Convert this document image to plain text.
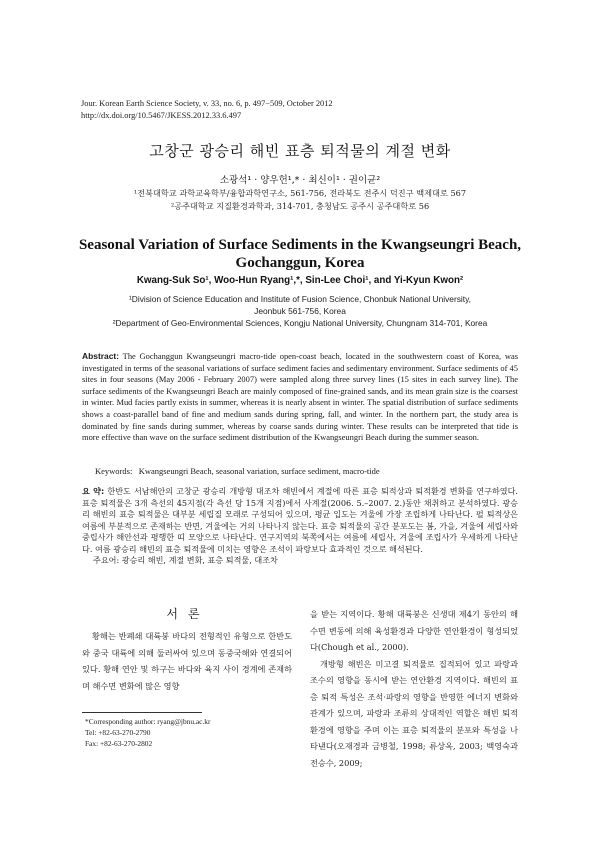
Jour. Korean Earth Science Society, v. 33, no. 6, p. 497−509, October 2012
http://dx.doi.org/10.5467/JKESS.2012.33.6.497
고창군 광승리 해빈 표층 퇴적물의 계절 변화
소광석¹ · 양우헌¹,* · 최신이¹ · 권이균²
¹전북대학교 과학교육학부/융합과학연구소, 561-756, 전라북도 전주시 덕진구 백제대로 567
²공주대학교 지질환경과학과, 314-701, 충청남도 공주시 공주대학로 56
Seasonal Variation of Surface Sediments in the Kwangseungri Beach,
Gochanggun, Korea
Kwang-Suk So¹, Woo-Hun Ryang¹,*, Sin-Lee Choi¹, and Yi-Kyun Kwon²
¹Division of Science Education and Institute of Fusion Science, Chonbuk National University,
Jeonbuk 561-756, Korea
²Department of Geo-Environmental Sciences, Kongju National University, Chungnam 314-701, Korea
Abstract: The Gochanggun Kwangseungri macro-tide open-coast beach, located in the southwestern coast of Korea, was investigated in terms of the seasonal variations of surface sediment facies and sedimentary environment. Surface sediments of 45 sites in four seasons (May 2006 - February 2007) were sampled along three survey lines (15 sites in each survey line). The surface sediments of the Kwangseungri Beach are mainly composed of fine-grained sands, and its mean grain size is the coarsest in winter. Mud facies partly exists in summer, whereas it is nearly absent in winter. The spatial distribution of surface sediments shows a coast-parallel band of fine and medium sands during spring, fall, and winter. In the northern part, the study area is dominated by fine sands during summer, whereas by coarse sands during winter. These results can be interpreted that tide is more effective than wave on the surface sediment distribution of the Kwangseungri Beach during the summer season.
Keywords: Kwangseungri Beach, seasonal variation, surface sediment, macro-tide
요 약: 한반도 서남해안의 고창군 광승리 개방형 대조차 해빈에서 계절에 따른 표층 퇴적상과 퇴적환경 변화를 연구하였다. 표층 퇴적물은 3개 측선의 45지점(각 측선 당 15개 지점)에서 사계절(2006. 5.–2007. 2.)동안 채취하고 분석하였다. 광승리 해빈의 표층 퇴적물은 대부분 세립질 모래로 구성되어 있으며, 평균 입도는 겨울에 가장 조립하게 나타난다. 펄 퇴적상은 여름에 부분적으로 존재하는 반면, 겨울에는 거의 나타나지 않는다. 표층 퇴적물의 공간 분포도는 봄, 가을, 겨울에 세립사와 중립사가 해안선과 평행한 띠 모양으로 나타난다. 연구지역의 북쪽에서는 여름에 세립사, 겨울에 조립사가 우세하게 나타난다. 여름 광승리 해빈의 표층 퇴적물에 미치는 영향은 조석이 파랑보다 효과적인 것으로 해석된다.
주요어: 광승리 해빈, 계절 변화, 표층 퇴적물, 대조차
서론

황해는 반폐쇄 대륙붕 바다의 전형적인 유형으로 한반도와 중국 대륙에 의해 둘러싸여 있으며 동중국해와 연결되어 있다. 황해 연안 및 하구는 바다와 육지 사이 경계에 존재하며 해수면 변화에 많은 영향

을 받는 지역이다. 황해 대륙붕은 신생대 제4기 동안의 해수면 변동에 의해 육성환경과 다양한 연안환경이 형성되었다(Chough et al., 2000).

개방형 해빈은 미고결 퇴적물로 집적되어 있고 파랑과 조수의 영향을 동시에 받는 연안환경 지역이다. 해빈의 표층 퇴적 특성은 조석·파랑의 영향을 반영한 에너지 변화와 관계가 있으며, 파랑과 조류의 상대적인 역할은 해빈 퇴적환경에 영향을 주며 이는 표층 퇴적물의 분포와 특성을 나타낸다(오재경과 금병철, 1998; 류상옥, 2003; 백영숙과 전승수, 2009;

*Corresponding author: ryang@jbnu.ac.kr
Tel: +82-63-270-2790
Fax: +82-63-270-2802
